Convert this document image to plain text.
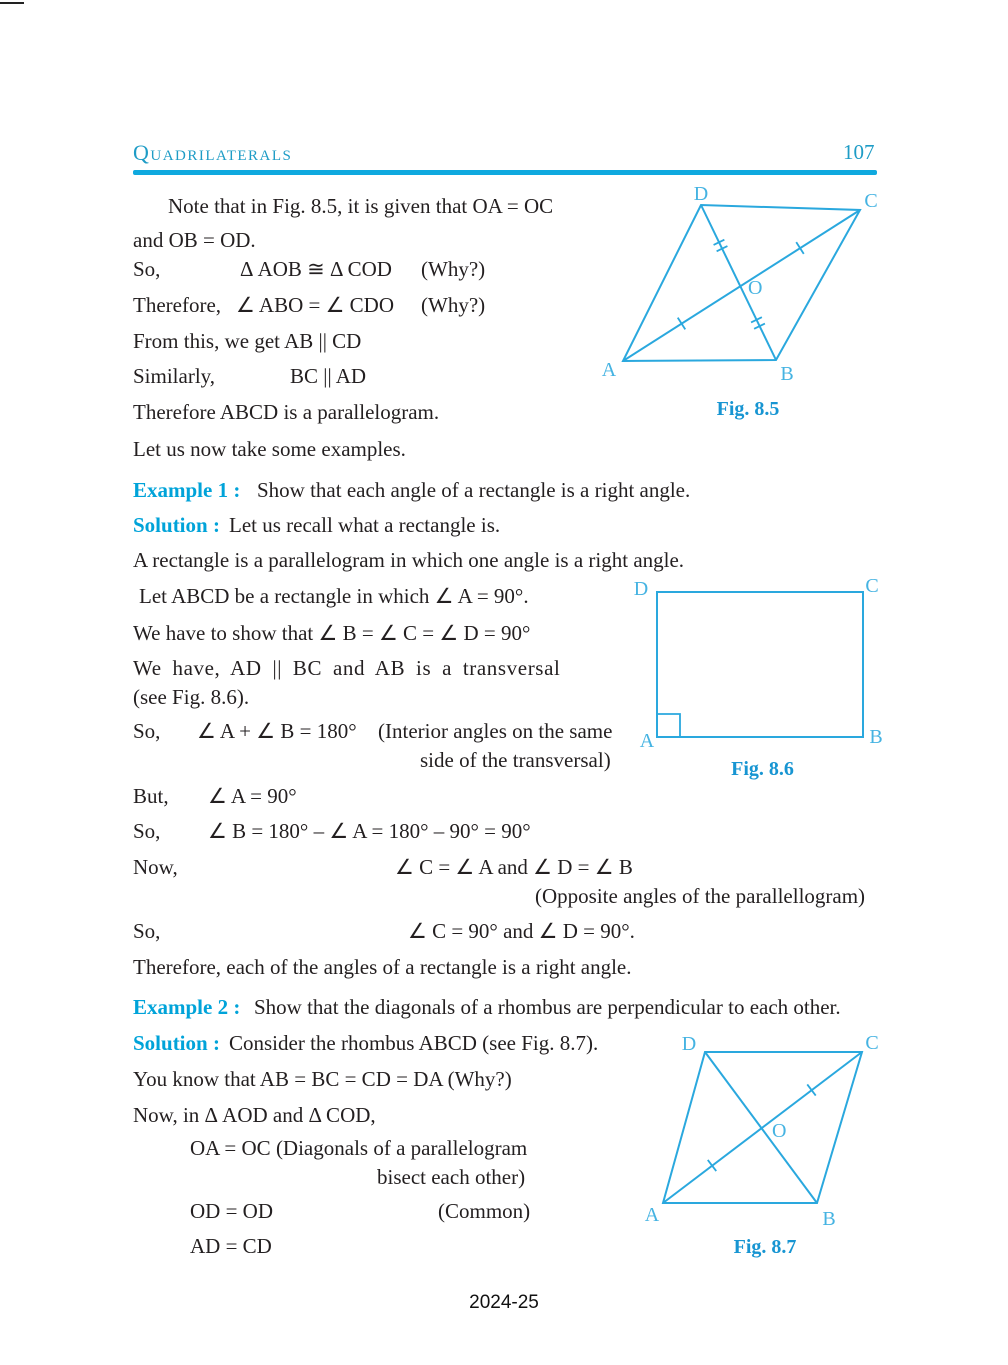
Quadrilaterals	107
Note that in Fig. 8.5, it is given that OA = OC
and OB = OD.
So,	Δ AOB ≅ Δ COD (Why?)
Therefore, ∠ ABO = ∠ CDO (Why?)
From this, we get AB || CD
Similarly,	BC || AD
Therefore ABCD is a parallelogram.
Let us now take some examples.
D	C
A	B
O
Fig. 8.5
Example 1 : Show that each angle of a rectangle is a right angle.
Solution : Let us recall what a rectangle is.
A rectangle is a parallelogram in which one angle is a right angle.
Let ABCD be a rectangle in which ∠ A = 90°.
We have to show that ∠ B = ∠ C = ∠ D = 90°
We have, AD || BC and AB is a transversal
(see Fig. 8.6).
So, ∠ A + ∠ B = 180° (Interior angles on the same
side of the transversal)
D	C
A	B
Fig. 8.6
But, ∠ A = 90°
So, ∠ B = 180° – ∠ A = 180° – 90° = 90°
Now,	∠ C = ∠ A and ∠ D = ∠ B
(Opposite angles of the parallellogram)
So,	∠ C = 90° and ∠ D = 90°.
Therefore, each of the angles of a rectangle is a right angle.
Example 2 : Show that the diagonals of a rhombus are perpendicular to each other.
Solution : Consider the rhombus ABCD (see Fig. 8.7).
You know that AB = BC = CD = DA (Why?)
Now, in Δ AOD and Δ COD,
OA = OC (Diagonals of a parallelogram
bisect each other)
OD = OD	(Common)
AD = CD
D	C
A	B
O
Fig. 8.7
2024-25
